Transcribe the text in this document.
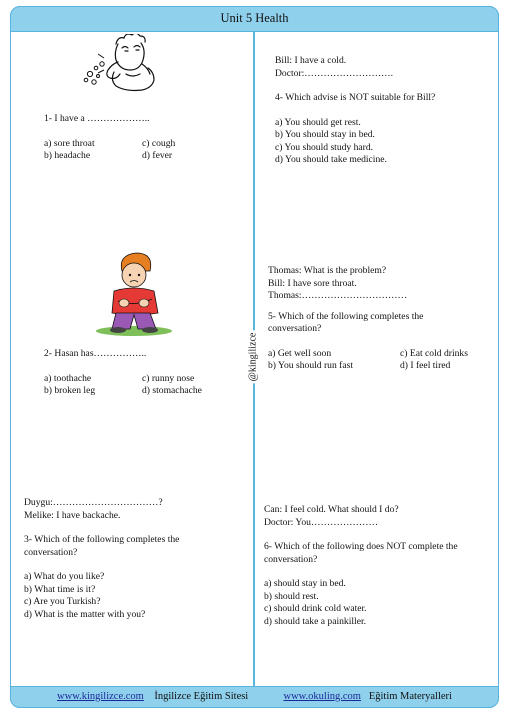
Unit 5 Health
@kingilizce

1- I have a ………………..

a) sore throat	c) cough

b) headache	d) fever

2- Hasan has……………..

a) toothache	c) runny nose

b) broken leg	d) stomachache

Duygu:……………………………?

Melike: I have backache.

3- Which of the following completes the

conversation?

a) What do you like?

b) What time is it?

c) Are you Turkish?

d) What is the matter with you?

Bill: I have a cold.

Doctor:……………………….

4- Which advise is NOT suitable for Bill?

a) You should get rest.

b) You should stay in bed.

c) You should study hard.

d) You should take medicine.

Thomas: What is the problem?

Bill: I have sore throat.

Thomas:……………………………

5- Which of the following completes the

conversation?

a) Get well soon	c) Eat cold drinks

b) You should run fast	d) I feel tired

Can: I feel cold. What should I do?

Doctor: You…………………

6- Which of the following does NOT complete the

conversation?

a) should stay in bed.

b) should rest.

c) should drink cold water.

d) should take a painkiller.

www.kingilizce.com İngilizce Eğitim Sitesi	www.okuling.com Eğitim Materyalleri
